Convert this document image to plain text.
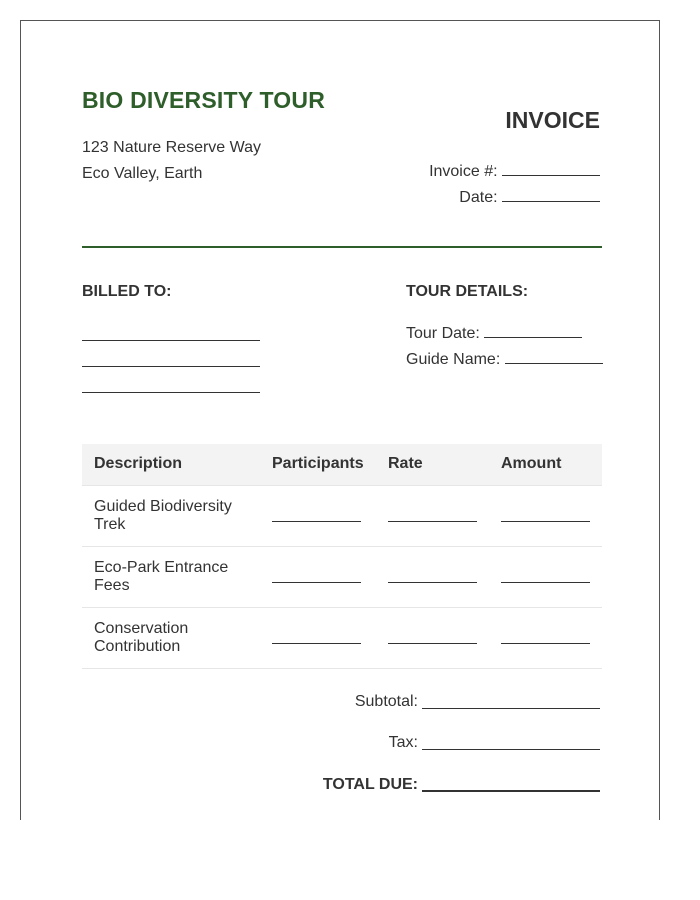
BIO DIVERSITY TOUR
123 Nature Reserve Way
Eco Valley, Earth
INVOICE
Invoice #:
Date:
BILLED TO:	TOUR DETAILS:
Tour Date:
Guide Name:
Description	Participants	Rate	Amount
Guided Biodiversity Trek	

Eco-Park Entrance Fees	

Conservation Contribution	

Subtotal:
Tax:
TOTAL DUE:
